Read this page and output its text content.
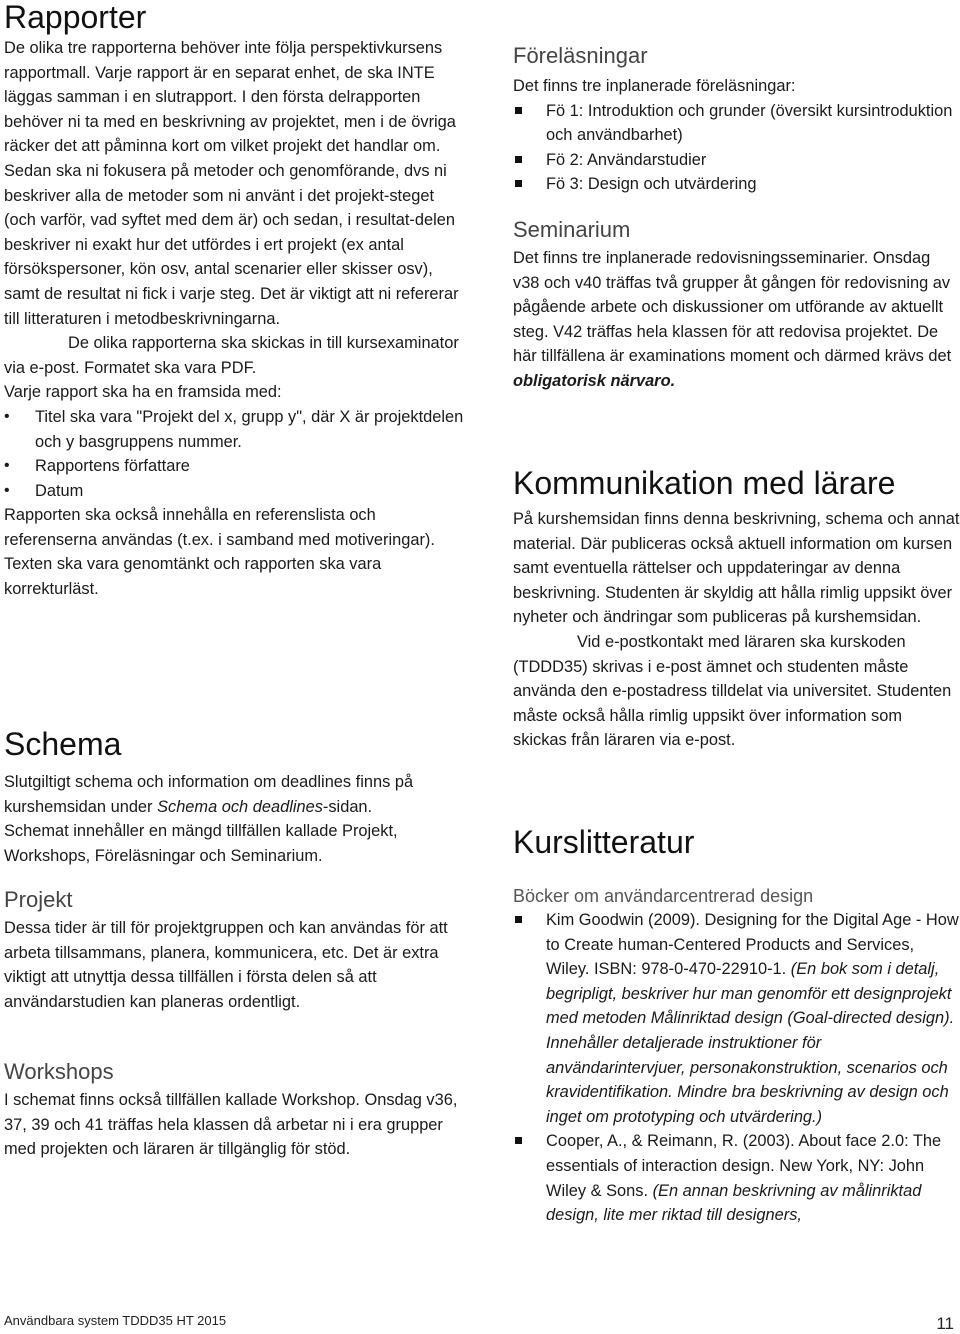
Rapporter

De olika tre rapporterna behöver inte följa perspektivkursens rapportmall. Varje rapport är en separat enhet, de ska INTE läggas samman i en slutrapport. I den första delrapporten behöver ni ta med en beskrivning av projektet, men i de övriga räcker det att påminna kort om vilket projekt det handlar om. Sedan ska ni fokusera på metoder och genomförande, dvs ni beskriver alla de metoder som ni använt i det projekt-steget (och varför, vad syftet med dem är) och sedan, i resultat-delen beskriver ni exakt hur det utfördes i ert projekt (ex antal försökspersoner, kön osv, antal scenarier eller skisser osv), samt de resultat ni fick i varje steg. Det är viktigt att ni refererar till litteraturen i metodbeskrivningarna.

De olika rapporterna ska skickas in till kursexaminator via e-post. Formatet ska vara PDF.

Varje rapport ska ha en framsida med:

• Titel ska vara "Projekt del x, grupp y", där X är projektdelen och y basgruppens nummer.
• Rapportens författare
• Datum

Rapporten ska också innehålla en referenslista och referenserna användas (t.ex. i samband med motiveringar). Texten ska vara genomtänkt och rapporten ska vara korrekturläst.

Schema

Slutgiltigt schema och information om deadlines finns på kurshemsidan under Schema och deadlines-sidan.

Schemat innehåller en mängd tillfällen kallade Projekt, Workshops, Föreläsningar och Seminarium.

Projekt

Dessa tider är till för projektgruppen och kan användas för att arbeta tillsammans, planera, kommunicera, etc. Det är extra viktigt att utnyttja dessa tillfällen i första delen så att användarstudien kan planeras ordentligt.

Workshops

I schemat finns också tillfällen kallade Workshop. Onsdag v36, 37, 39 och 41 träffas hela klassen då arbetar ni i era grupper med projekten och läraren är tillgänglig för stöd.

Föreläsningar

Det finns tre inplanerade föreläsningar:

Fö 1: Introduktion och grunder (översikt kursintroduktion och användbarhet)
Fö 2: Användarstudier
Fö 3: Design och utvärdering
Seminarium

Det finns tre inplanerade redovisningsseminarier. Onsdag v38 och v40 träffas två grupper åt gången för redovisning av pågående arbete och diskussioner om utförande av aktuellt steg. V42 träffas hela klassen för att redovisa projektet. De här tillfällena är examinations moment och därmed krävs det obligatorisk närvaro.

Kommunikation med lärare

På kurshemsidan finns denna beskrivning, schema och annat material. Där publiceras också aktuell information om kursen samt eventuella rättelser och uppdateringar av denna beskrivning. Studenten är skyldig att hålla rimlig uppsikt över nyheter och ändringar som publiceras på kurshemsidan.

Vid e-postkontakt med läraren ska kurskoden (TDDD35) skrivas i e-post ämnet och studenten måste använda den e-postadress tilldelat via universitet. Studenten måste också hålla rimlig uppsikt över information som skickas från läraren via e-post.

Kurslitteratur
Böcker om användarcentrerad design
Kim Goodwin (2009). Designing for the Digital Age - How to Create human-Centered Products and Services, Wiley. ISBN: 978-0-470-22910-1. (En bok som i detalj, begripligt, beskriver hur man genomför ett designprojekt med metoden Målinriktad design (Goal-directed design). Innehåller detaljerade instruktioner för användarintervjuer, personakonstruktion, scenarios och kravidentifikation. Mindre bra beskrivning av design och inget om prototyping och utvärdering.)
Cooper, A., & Reimann, R. (2003). About face 2.0: The essentials of interaction design. New York, NY: John Wiley & Sons. (En annan beskrivning av målinriktad design, lite mer riktad till designers,
Användbara system TDDD35 HT 2015	11
